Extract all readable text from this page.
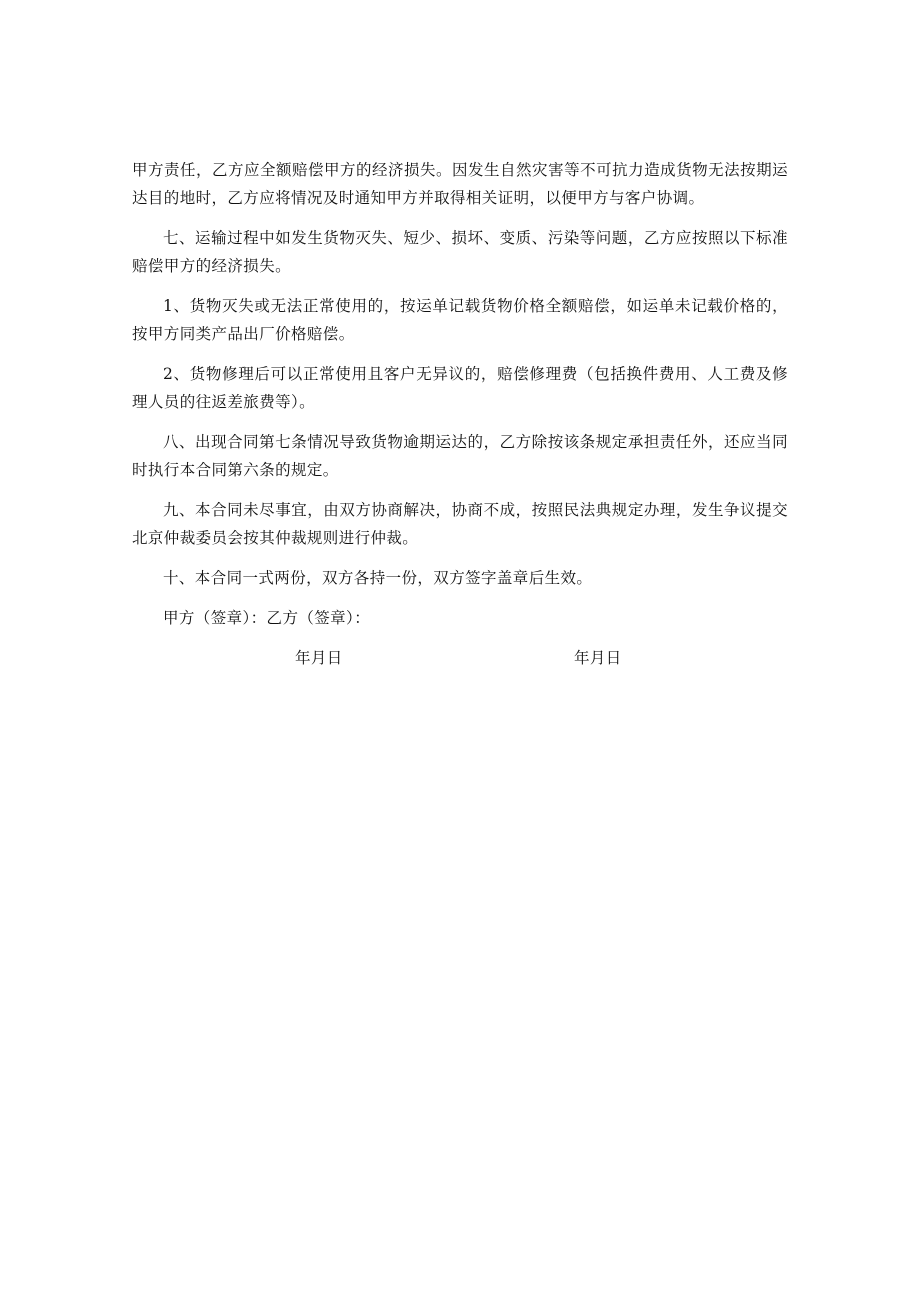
甲方责任，乙方应全额赔偿甲方的经济损失。因发生自然灾害等不可抗力造成货物无法按期运达目的地时，乙方应将情况及时通知甲方并取得相关证明，以便甲方与客户协调。

七、运输过程中如发生货物灭失、短少、损坏、变质、污染等问题，乙方应按照以下标准赔偿甲方的经济损失。

1、货物灭失或无法正常使用的，按运单记载货物价格全额赔偿，如运单未记载价格的，按甲方同类产品出厂价格赔偿。

2、货物修理后可以正常使用且客户无异议的，赔偿修理费（包括换件费用、人工费及修理人员的往返差旅费等）。

八、出现合同第七条情况导致货物逾期运达的，乙方除按该条规定承担责任外，还应当同时执行本合同第六条的规定。

九、本合同未尽事宜，由双方协商解决，协商不成，按照民法典规定办理，发生争议提交北京仲裁委员会按其仲裁规则进行仲裁。

十、本合同一式两份，双方各持一份，双方签字盖章后生效。

甲方（签章）：乙方（签章）：

年月日	年月日
